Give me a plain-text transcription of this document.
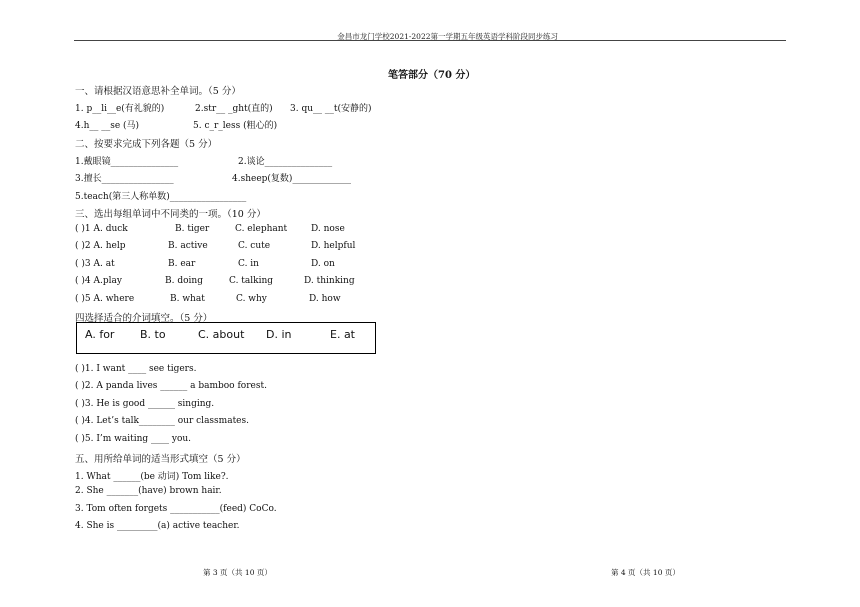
金昌市龙门学校2021-2022第一学期五年级英语学科阶段同步练习
笔答部分（70 分）
一、请根据汉语意思补全单词。（5 分）
1. p__li__e(有礼貌的)	2.str__ _ght(直的) 3. qu__ __t(安静的)
4.h__ __se (马)	5. c_r_less (粗心的)
二、按要求完成下列各题（5 分）
1.戴眼镜_______________	2.谈论_______________
3.擅长________________	4.sheep(复数)_____________
5.teach(第三人称单数)_________________
三、选出每组单词中不同类的一项。（10 分）
( )1 A. duck	B. tiger	C. elephant	D. nose
( )2 A. help	B. active	C. cute	D. helpful
( )3 A. at	B. ear	C. in	D. on
( )4 A.play	B. doing	C. talking	D. thinking
( )5 A. where	B. what	C. why	D. how
四选择适合的介词填空。（5 分）
A. for B. to	C. about D. in	E. at
( )1. I want ____ see tigers.
( )2. A panda lives ______ a bamboo forest.
( )3. He is good ______ singing.
( )4. Let’s talk________ our classmates.
( )5. I’m waiting ____ you.
五、用所给单词的适当形式填空（5 分）
1. What ______(be 动词) Tom like?.
2. She _______(have) brown hair.
3. Tom often forgets ___________(feed) CoCo.
4. She is _________(a) active teacher.
第 3 页（共 10 页）	第 4 页（共 10 页）
